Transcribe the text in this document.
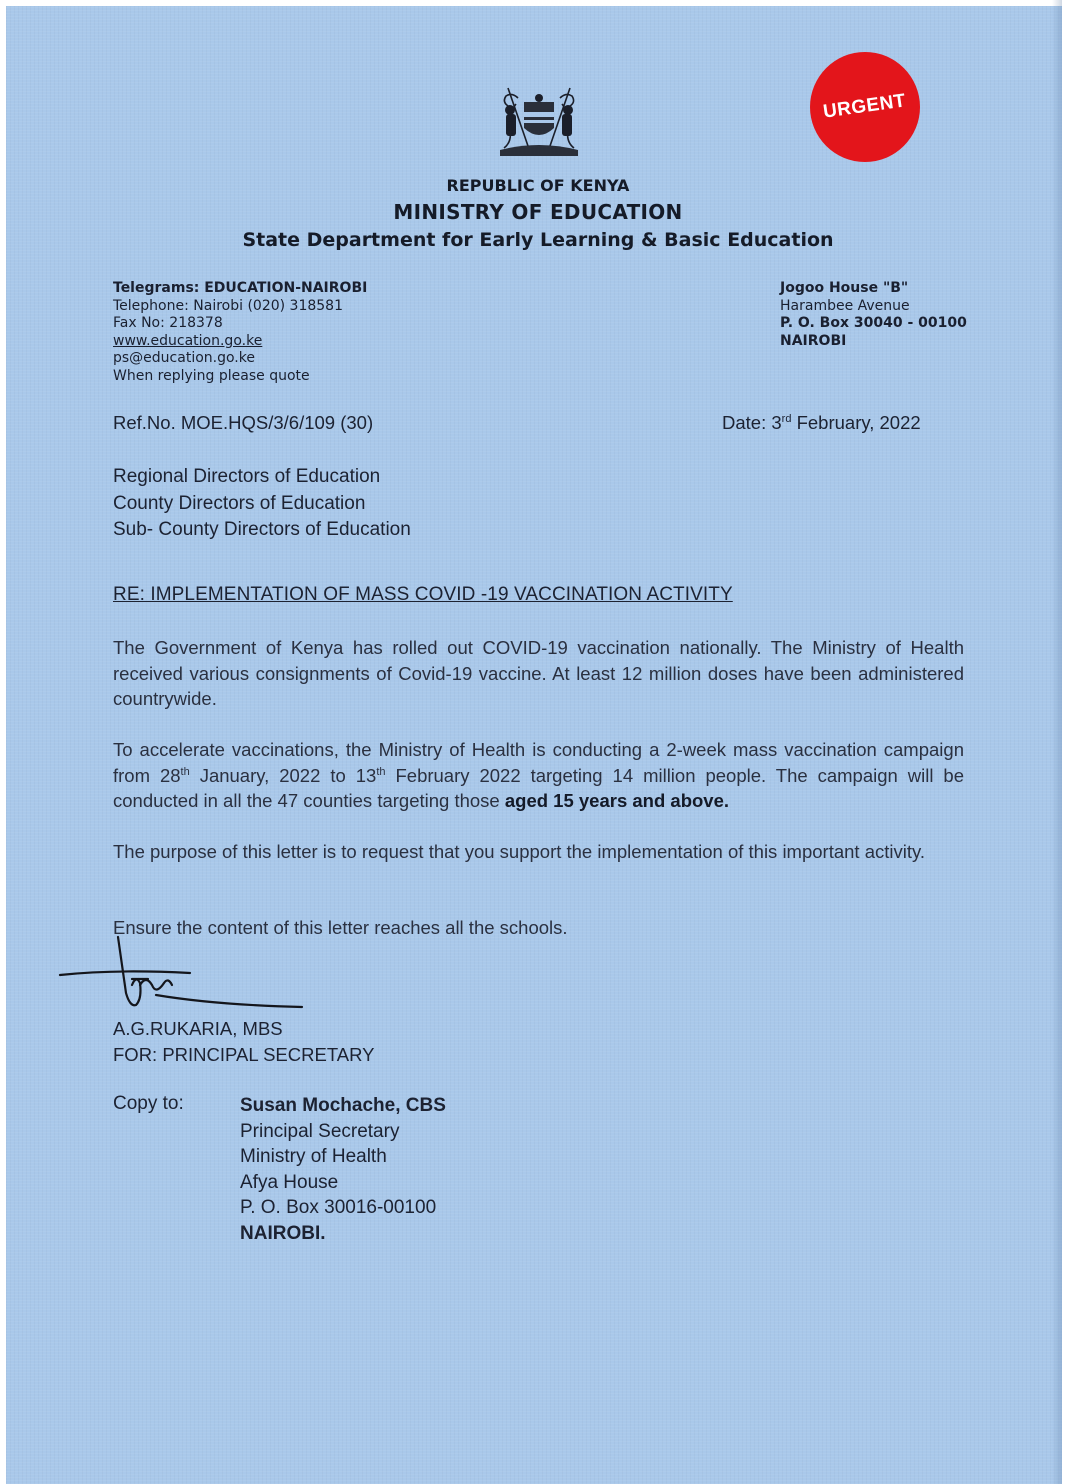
URGENT
REPUBLIC OF KENYA
MINISTRY OF EDUCATION
State Department for Early Learning & Basic Education
Telegrams: EDUCATION-NAIROBI
Telephone: Nairobi (020) 318581
Fax No: 218378
www.education.go.ke
ps@education.go.ke
When replying please quote
Jogoo House "B"
Harambee Avenue
P. O. Box 30040 - 00100
NAIROBI
Ref.No. MOE.HQS/3/6/109 (30)	Date: 3rd February, 2022
Regional Directors of Education
County Directors of Education
Sub- County Directors of Education
RE: IMPLEMENTATION OF MASS COVID -19 VACCINATION ACTIVITY
The Government of Kenya has rolled out COVID-19 vaccination nationally. The Ministry of Health received various consignments of Covid-19 vaccine. At least 12 million doses have been administered countrywide.
To accelerate vaccinations, the Ministry of Health is conducting a 2-week mass vaccination campaign from 28th January, 2022 to 13th February 2022 targeting 14 million people. The campaign will be conducted in all the 47 counties targeting those aged 15 years and above.
The purpose of this letter is to request that you support the implementation of this important activity.
Ensure the content of this letter reaches all the schools.
A.G.RUKARIA, MBS
FOR: PRINCIPAL SECRETARY
Copy to:	Susan Mochache, CBS
Principal Secretary
Ministry of Health
Afya House
P. O. Box 30016-00100
NAIROBI.
